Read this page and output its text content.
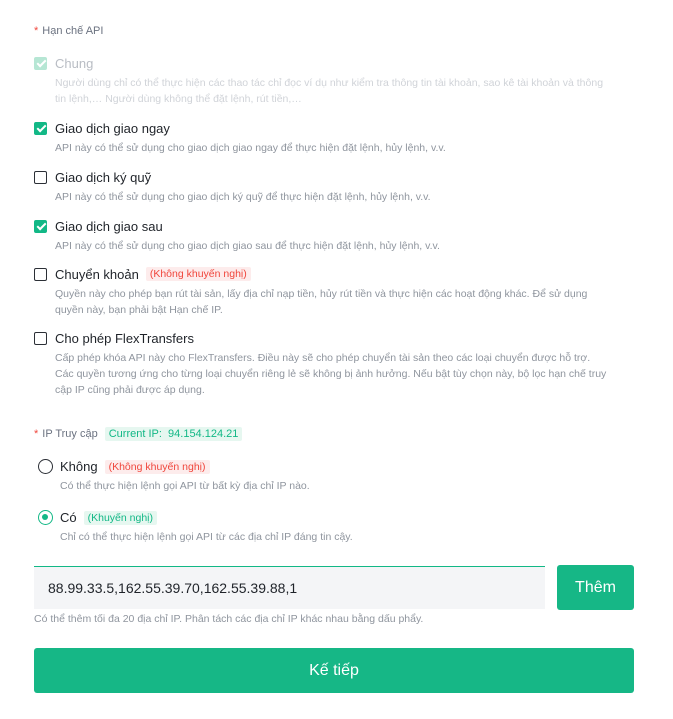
* Hạn chế API
Chung
Người dùng chỉ có thể thực hiện các thao tác chỉ đọc ví dụ như kiểm tra thông tin tài khoản, sao kê tài khoản và thông tin lệnh,… Người dùng không thể đặt lệnh, rút tiền,…
Giao dịch giao ngay
API này có thể sử dụng cho giao dịch giao ngay để thực hiện đặt lệnh, hủy lệnh, v.v.
Giao dịch ký quỹ
API này có thể sử dụng cho giao dịch ký quỹ để thực hiện đặt lệnh, hủy lệnh, v.v.
Giao dịch giao sau
API này có thể sử dụng cho giao dịch giao sau để thực hiện đặt lệnh, hủy lệnh, v.v.
Chuyển khoản	(Không khuyến nghị)
Quyền này cho phép bạn rút tài sản, lấy địa chỉ nạp tiền, hủy rút tiền và thực hiện các hoạt động khác. Để sử dụng quyền này, bạn phải bật Hạn chế IP.
Cho phép FlexTransfers
Cấp phép khóa API này cho FlexTransfers. Điều này sẽ cho phép chuyển tài sản theo các loại chuyển được hỗ trợ. Các quyền tương ứng cho từng loại chuyển riêng lẻ sẽ không bị ảnh hưởng. Nếu bật tùy chọn này, bộ lọc hạn chế truy cập IP cũng phải được áp dụng.
* IP Truy cập	Current IP: 94.154.124.21
Không	(Không khuyến nghị)
Có thể thực hiện lệnh gọi API từ bất kỳ địa chỉ IP nào.
Có	(Khuyến nghị)
Chỉ có thể thực hiện lệnh gọi API từ các địa chỉ IP đáng tin cậy.
88.99.33.5,162.55.39.70,162.55.39.88,1
Thêm
Có thể thêm tối đa 20 địa chỉ IP. Phân tách các địa chỉ IP khác nhau bằng dấu phẩy.
Kế tiếp
